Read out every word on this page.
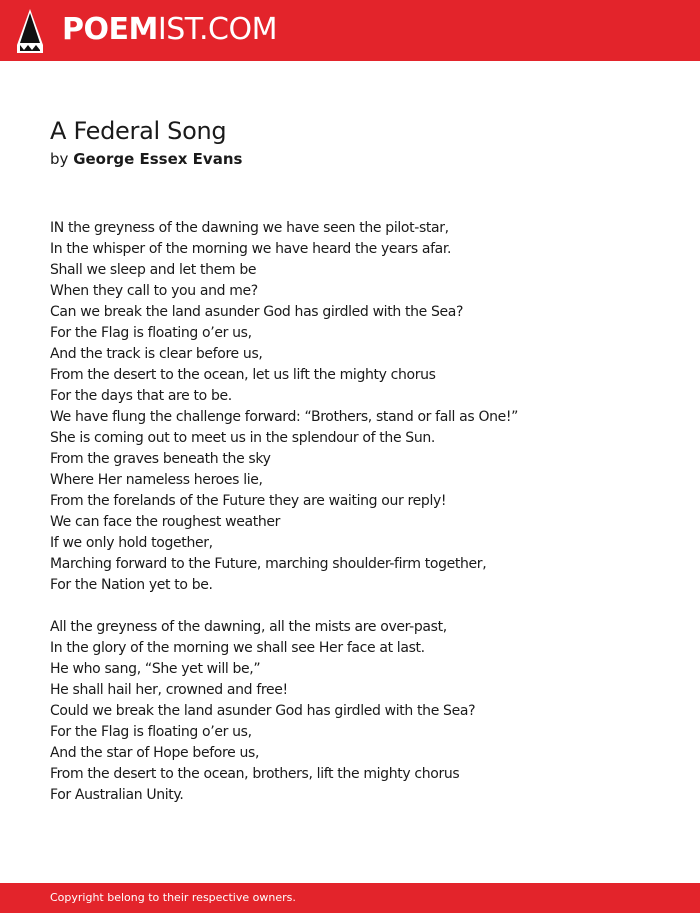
POEMIST.COM
A Federal Song
by George Essex Evans
IN the greyness of the dawning we have seen the pilot-star,
In the whisper of the morning we have heard the years afar.
Shall we sleep and let them be
When they call to you and me?
Can we break the land asunder God has girdled with the Sea?
For the Flag is floating o’er us,
And the track is clear before us,
From the desert to the ocean, let us lift the mighty chorus
For the days that are to be.
We have flung the challenge forward: “Brothers, stand or fall as One!”
She is coming out to meet us in the splendour of the Sun.
From the graves beneath the sky
Where Her nameless heroes lie,
From the forelands of the Future they are waiting our reply!
We can face the roughest weather
If we only hold together,
Marching forward to the Future, marching shoulder-firm together,
For the Nation yet to be.
All the greyness of the dawning, all the mists are over-past,
In the glory of the morning we shall see Her face at last.
He who sang, “She yet will be,”
He shall hail her, crowned and free!
Could we break the land asunder God has girdled with the Sea?
For the Flag is floating o’er us,
And the star of Hope before us,
From the desert to the ocean, brothers, lift the mighty chorus
For Australian Unity.
Copyright belong to their respective owners.
